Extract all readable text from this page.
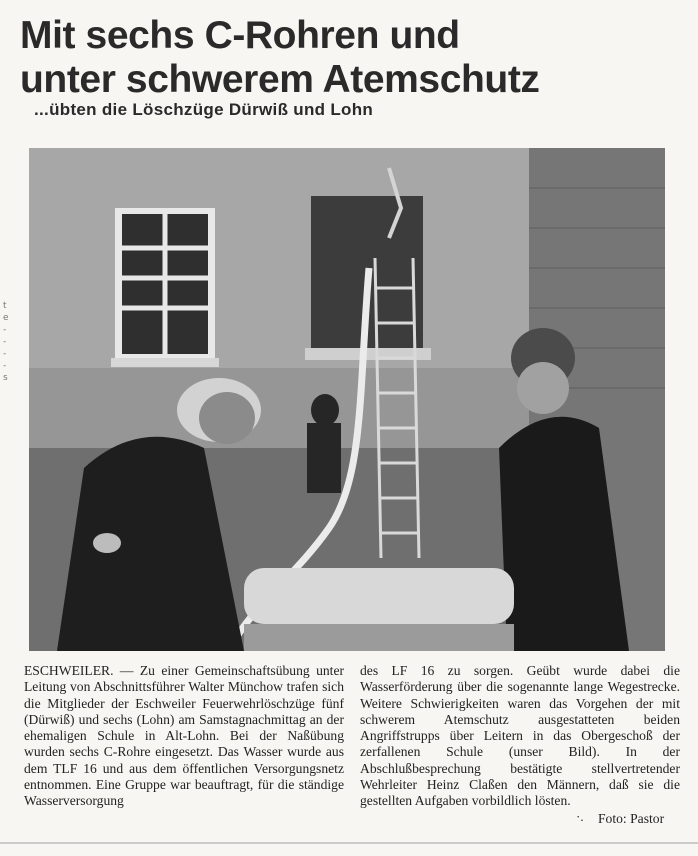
Mit sechs C-Rohren und
unter schwerem Atemschutz
...übten die Löschzüge Dürwiß und Lohn
t
e
-
-
-
-
s
ESCHWEILER. — Zu einer Gemeinschaftsübung unter Leitung von Abschnittsführer Walter Münchow trafen sich die Mitglieder der Eschweiler Feuerwehrlöschzüge fünf (Dürwiß) und sechs (Lohn) am Samstagnachmittag an der ehemaligen Schule in Alt-Lohn. Bei der Naßübung wurden sechs C-Rohre eingesetzt. Das Wasser wurde aus dem TLF 16 und aus dem öffentlichen Versorgungsnetz entnommen. Eine Gruppe war beauftragt, für die ständige Wasserversorgung
des LF 16 zu sorgen. Geübt wurde dabei die Wasserförderung über die sogenannte lange Wegestrecke. Weitere Schwierigkeiten waren das Vorgehen der mit schwerem Atemschutz ausgestatteten beiden Angriffstrupps über Leitern in das Obergeschoß der zerfallenen Schule (unser Bild). In der Abschlußbesprechung bestätigte stellvertretender Wehrleiter Heinz Claßen den Männern, daß sie die gestellten Aufgaben vorbildlich lösten.
·. Foto: Pastor
